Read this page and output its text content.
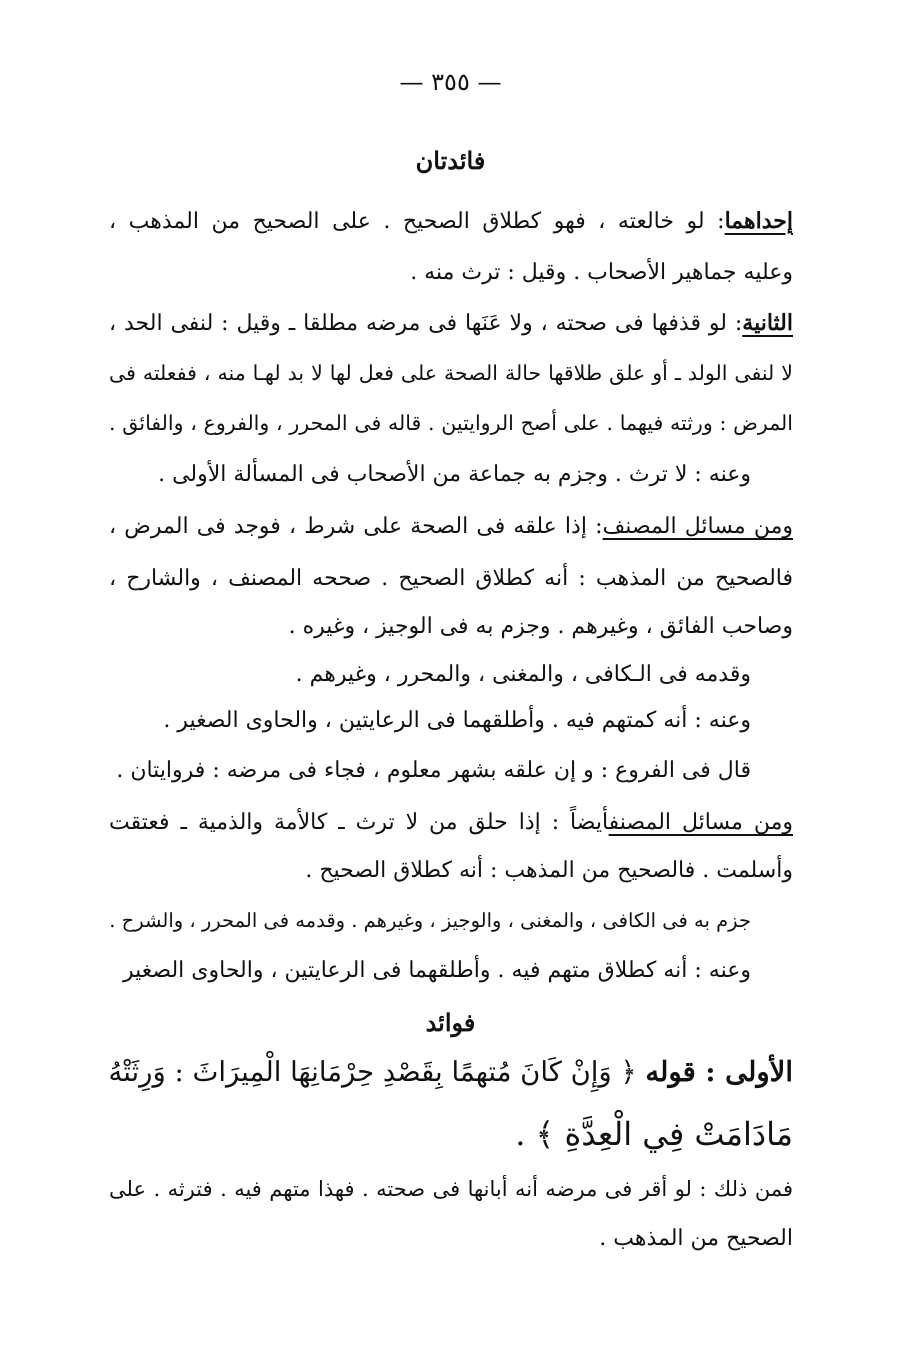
— ٣٥٥ —
فائدتان
إحداهما: لو خالعته ، فهو كطلاق الصحيح . على الصحيح من المذهب ،
وعليه جماهير الأصحاب . وقيل : ترث منه .
الثانية: لو قذفها فى صحته ، ولا عَنَها فى مرضه مطلقا ـ وقيل : لنفى الحد ،
لا لنفى الولد ـ أو علق طلاقها حالة الصحة على فعل لها لا بد لهـا منه ، ففعلته فى
المرض : ورثته فيهما . على أصح الروايتين . قاله فى المحرر ، والفروع ، والفائق .
وعنه : لا ترث . وجزم به جماعة من الأصحاب فى المسألة الأولى .
ومن مسائل المصنف: إذا علقه فى الصحة على شرط ، فوجد فى المرض ،
فالصحيح من المذهب : أنه كطلاق الصحيح . صححه المصنف ، والشارح ،
وصاحب الفائق ، وغيرهم . وجزم به فى الوجيز ، وغيره .
وقدمه فى الـكافى ، والمغنى ، والمحرر ، وغيرهم .
وعنه : أنه كمتهم فيه . وأطلقهما فى الرعايتين ، والحاوى الصغير .
قال فى الفروع : و إن علقه بشهر معلوم ، فجاء فى مرضه : فروايتان .
ومن مسائل المصنفأيضاً : إذا حلق من لا ترث ـ كالأمة والذمية ـ فعتقت
وأسلمت . فالصحيح من المذهب : أنه كطلاق الصحيح .
جزم به فى الكافى ، والمغنى ، والوجيز ، وغيرهم . وقدمه فى المحرر ، والشرح .
وعنه : أنه كطلاق متهم فيه . وأطلقهما فى الرعايتين ، والحاوى الصغير
فوائد
الأولى : قوله ﴿ وَإِنْ كَانَ مُتهمًا بِقَصْدِ حِرْمَانِهَا الْمِيرَاثَ : وَرِثَتْهُ
مَادَامَتْ فِي الْعِدَّةِ ﴾ .
فمن ذلك : لو أقر فى مرضه أنه أبانها فى صحته . فهذا متهم فيه . فترثه . على
الصحيح من المذهب .
